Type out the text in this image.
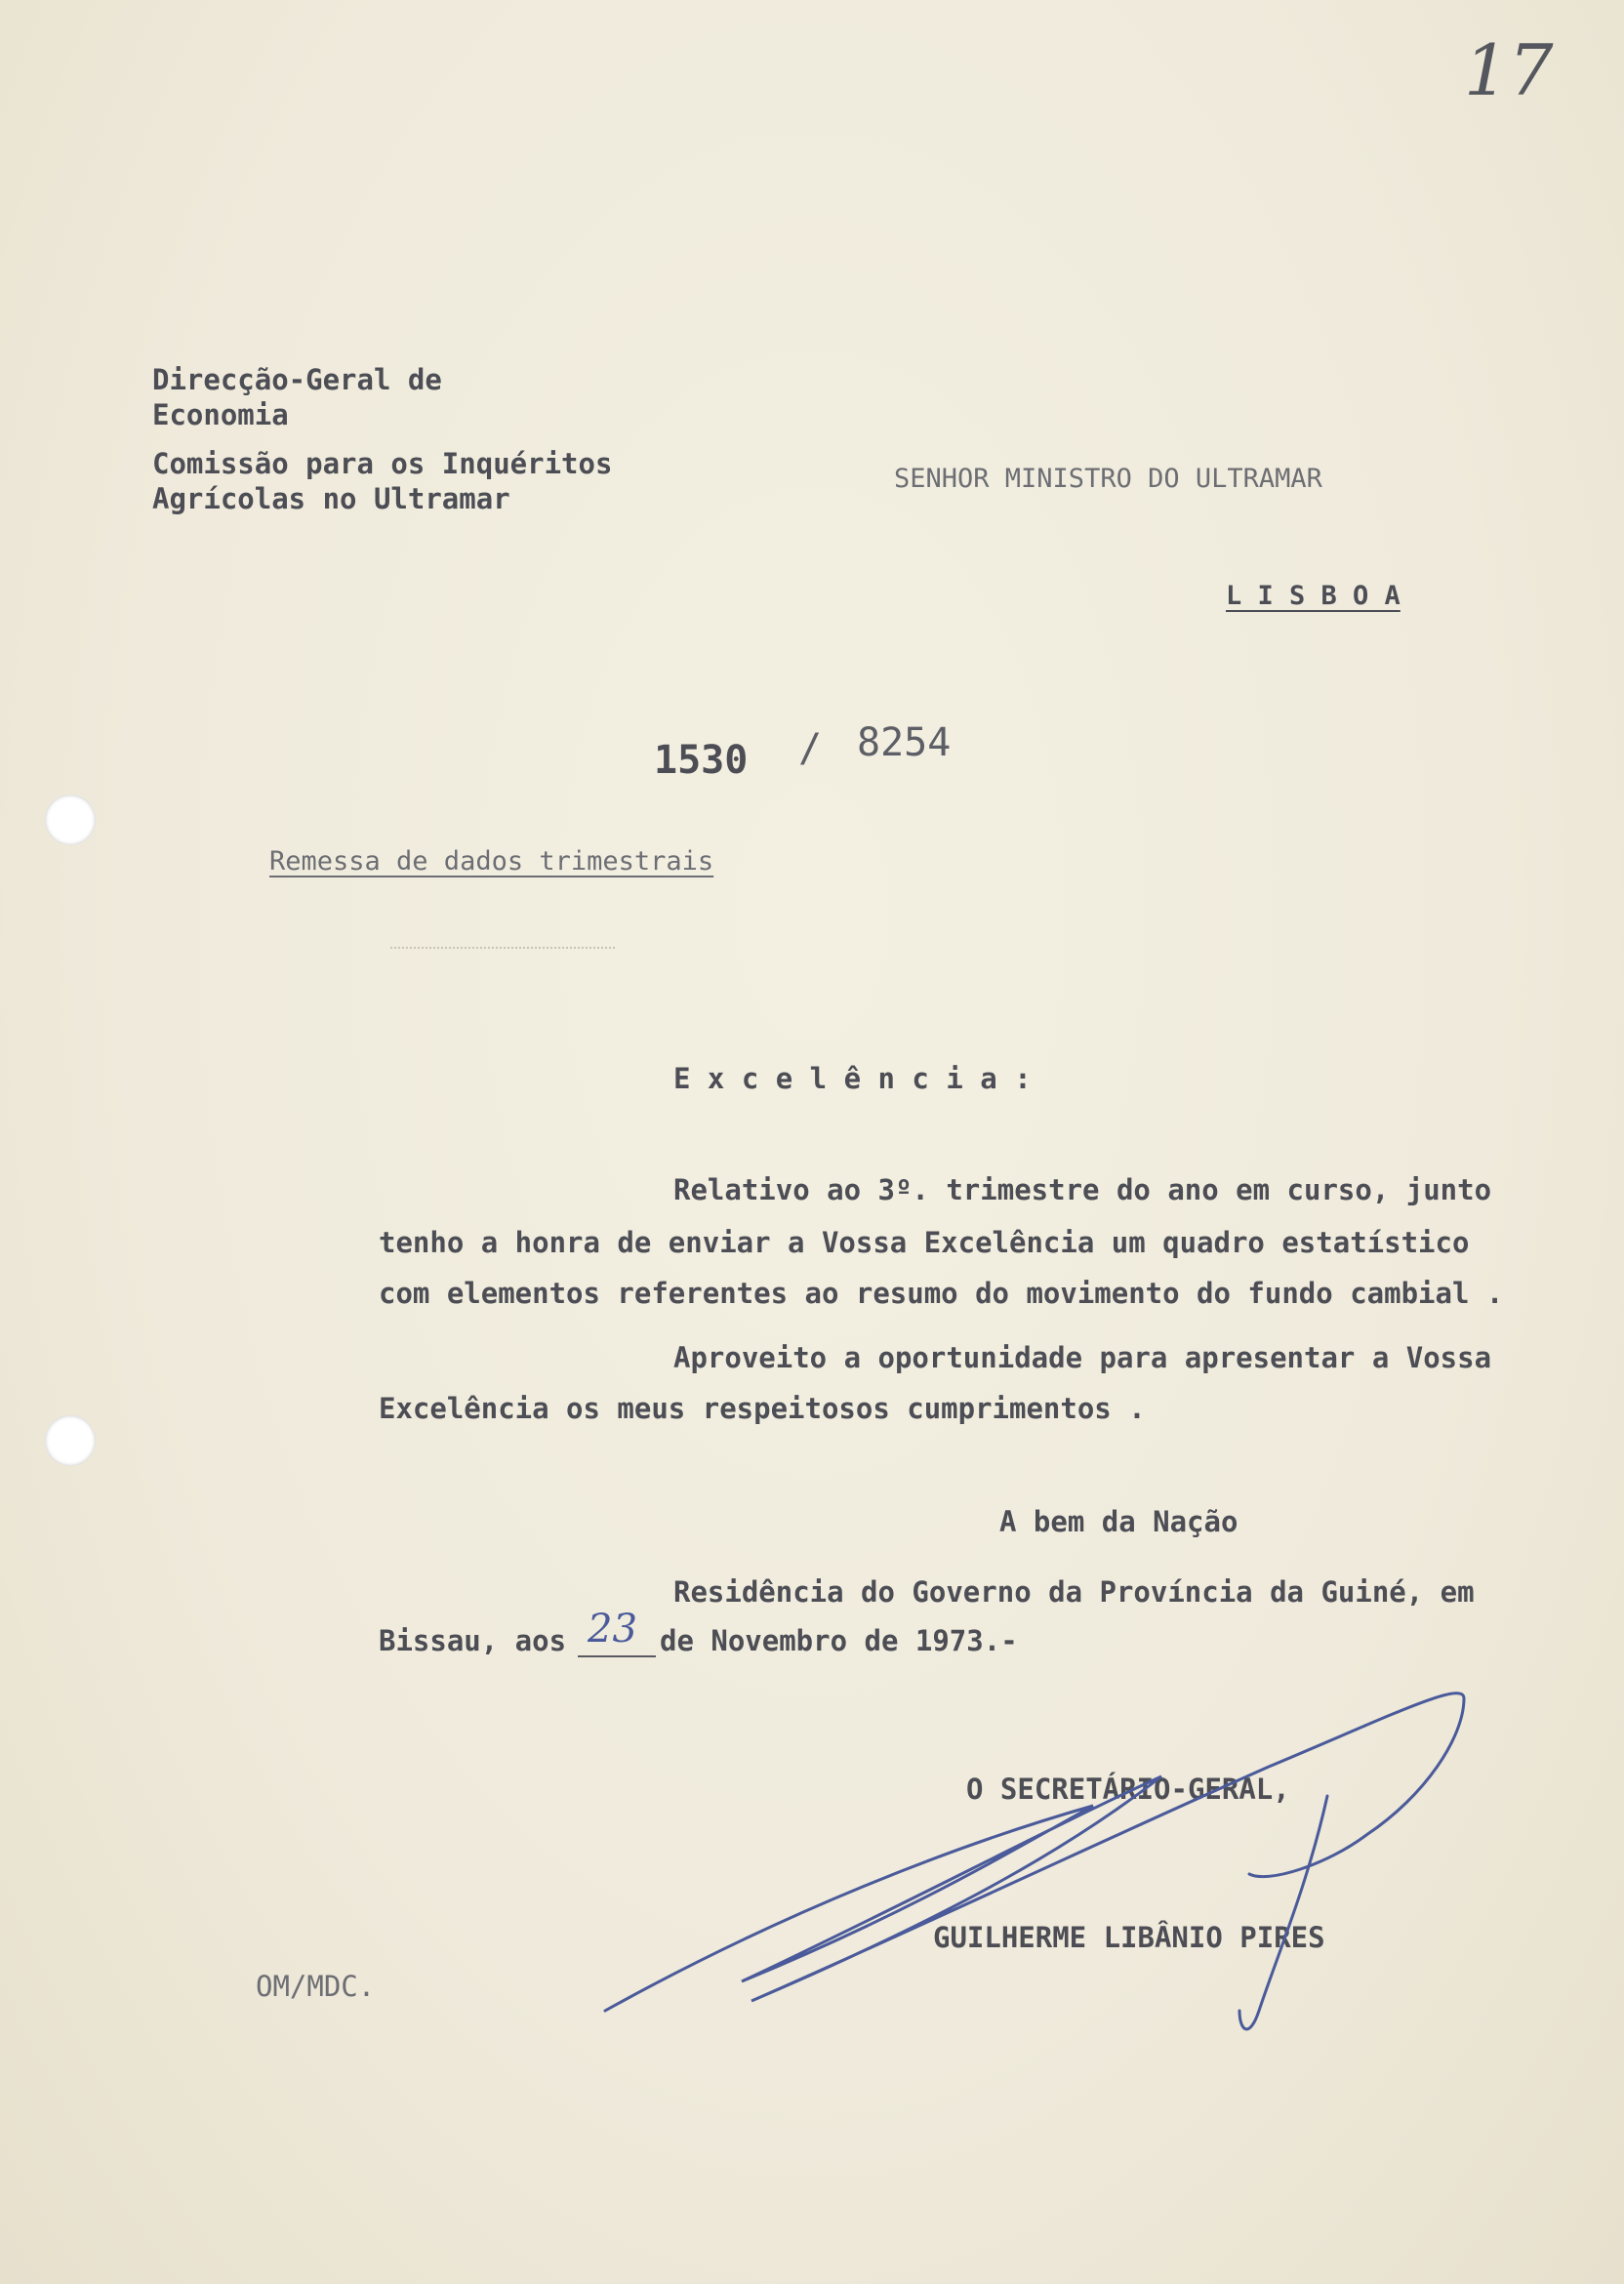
17
Direcção-Geral de
Economia
Comissão para os Inquéritos
Agrícolas no Ultramar
SENHOR MINISTRO DO ULTRAMAR
L I S B O A
1530 / 8254
Remessa de dados trimestrais
E x c e l ê n c i a :
Relativo ao 3º. trimestre do ano em curso, junto
tenho a honra de enviar a Vossa Excelência um quadro estatístico
com elementos referentes ao resumo do movimento do fundo cambial .
Aproveito a oportunidade para apresentar a Vossa
Excelência os meus respeitosos cumprimentos .
A bem da Nação
Residência do Governo da Província da Guiné, em
Bissau, aos 23 de Novembro de 1973.-
O SECRETÁRIO-GERAL,
GUILHERME LIBÂNIO PIRES
OM/MDC.
